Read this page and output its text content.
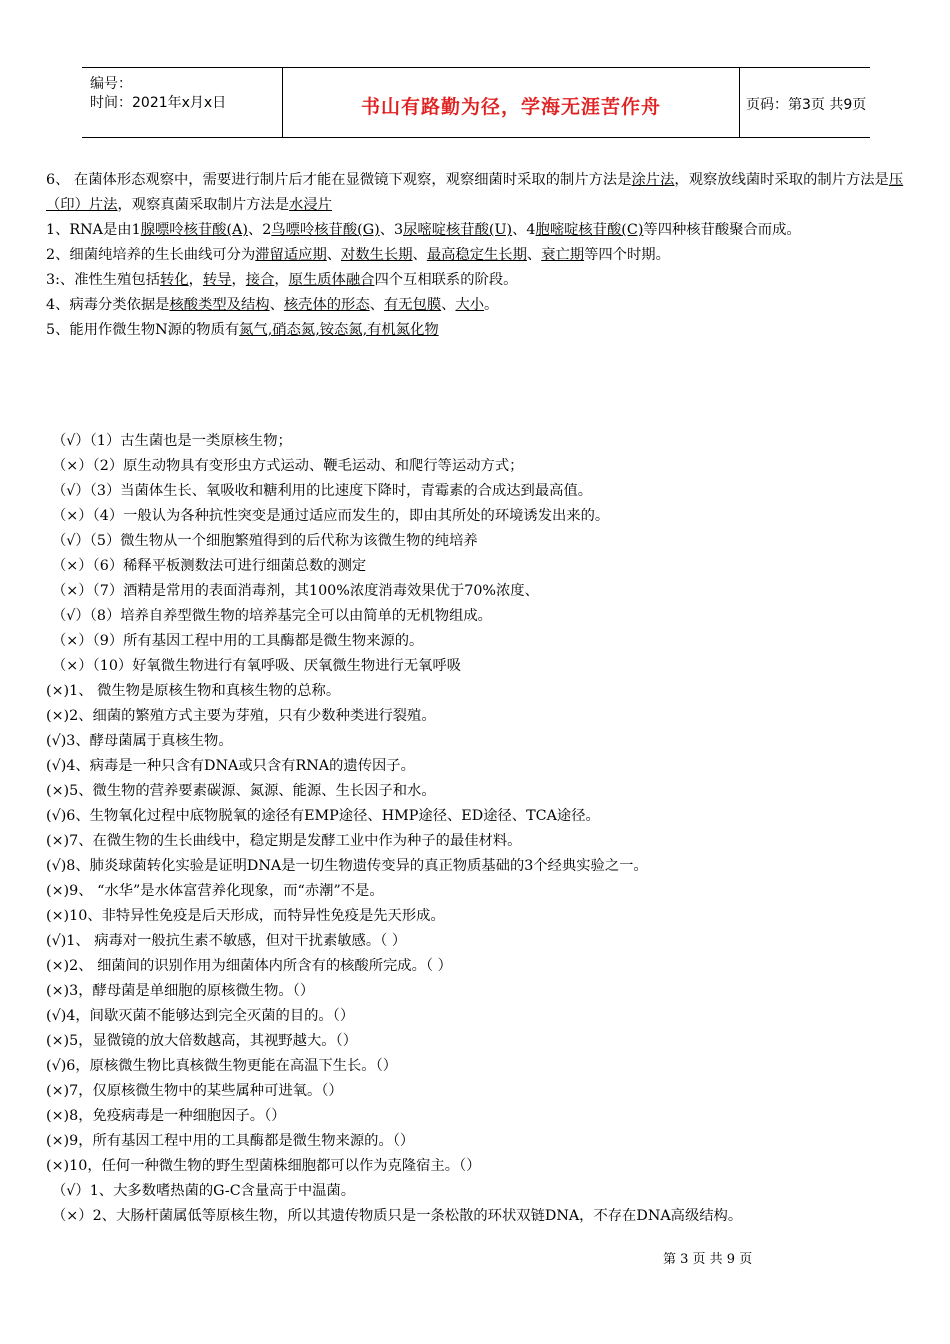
编号：
时间：2021年x月x日	书山有路勤为径，学海无涯苦作舟	页码：第3页 共9页
6、 在菌体形态观察中，需要进行制片后才能在显微镜下观察，观察细菌时采取的制片方法是涂片法，观察放线菌时采取的制片方法是压（印）片法，观察真菌采取制片方法是水浸片
1、RNA是由1腺嘌呤核苷酸(A)、2鸟嘌呤核苷酸(G)、3尿嘧啶核苷酸(U)、4胞嘧啶核苷酸(C)等四种核苷酸聚合而成。
2、细菌纯培养的生长曲线可分为滞留适应期、对数生长期、最高稳定生长期、衰亡期等四个时期。
3:、准性生殖包括转化，转导，接合，原生质体融合四个互相联系的阶段。
4、病毒分类依据是核酸类型及结构、核壳体的形态、有无包膜、大小。
5、能用作微生物N源的物质有氮气,硝态氮,铵态氮,有机氮化物
（√）（1）古生菌也是一类原核生物；
（×）（2）原生动物具有变形虫方式运动、鞭毛运动、和爬行等运动方式；
（√）（3）当菌体生长、氧吸收和糖利用的比速度下降时，青霉素的合成达到最高值。
（×）（4）一般认为各种抗性突变是通过适应而发生的，即由其所处的环境诱发出来的。
（√）（5）微生物从一个细胞繁殖得到的后代称为该微生物的纯培养
（×）（6）稀释平板测数法可进行细菌总数的测定
（×）（7）酒精是常用的表面消毒剂，其100%浓度消毒效果优于70%浓度、
（√）（8）培养自养型微生物的培养基完全可以由简单的无机物组成。
（×）（9）所有基因工程中用的工具酶都是微生物来源的。
（×）（10）好氧微生物进行有氧呼吸、厌氧微生物进行无氧呼吸
(×)1、 微生物是原核生物和真核生物的总称。
(×)2、细菌的繁殖方式主要为芽殖，只有少数种类进行裂殖。
(√)3、酵母菌属于真核生物。
(√)4、病毒是一种只含有DNA或只含有RNA的遗传因子。
(×)5、微生物的营养要素碳源、氮源、能源、生长因子和水。
(√)6、生物氧化过程中底物脱氧的途径有EMP途径、HMP途径、ED途径、TCA途径。
(×)7、在微生物的生长曲线中，稳定期是发酵工业中作为种子的最佳材料。
(√)8、肺炎球菌转化实验是证明DNA是一切生物遗传变异的真正物质基础的3个经典实验之一。
(×)9、 “水华”是水体富营养化现象，而“赤潮”不是。
(×)10、非特异性免疫是后天形成，而特异性免疫是先天形成。
(√)1、 病毒对一般抗生素不敏感，但对干扰素敏感。（ ）
(×)2、 细菌间的识别作用为细菌体内所含有的核酸所完成。（ ）
(×)3，酵母菌是单细胞的原核微生物。（）
(√)4，间歇灭菌不能够达到完全灭菌的目的。（）
(×)5，显微镜的放大倍数越高，其视野越大。（）
(√)6，原核微生物比真核微生物更能在高温下生长。（）
(×)7，仅原核微生物中的某些属种可进氧。（）
(×)8，免疫病毒是一种细胞因子。（）
(×)9，所有基因工程中用的工具酶都是微生物来源的。（）
(×)10，任何一种微生物的野生型菌株细胞都可以作为克隆宿主。（）
（√）1、大多数嗜热菌的G-C含量高于中温菌。
（×）2、大肠杆菌属低等原核生物，所以其遗传物质只是一条松散的环状双链DNA，不存在DNA高级结构。
第 3 页 共 9 页
